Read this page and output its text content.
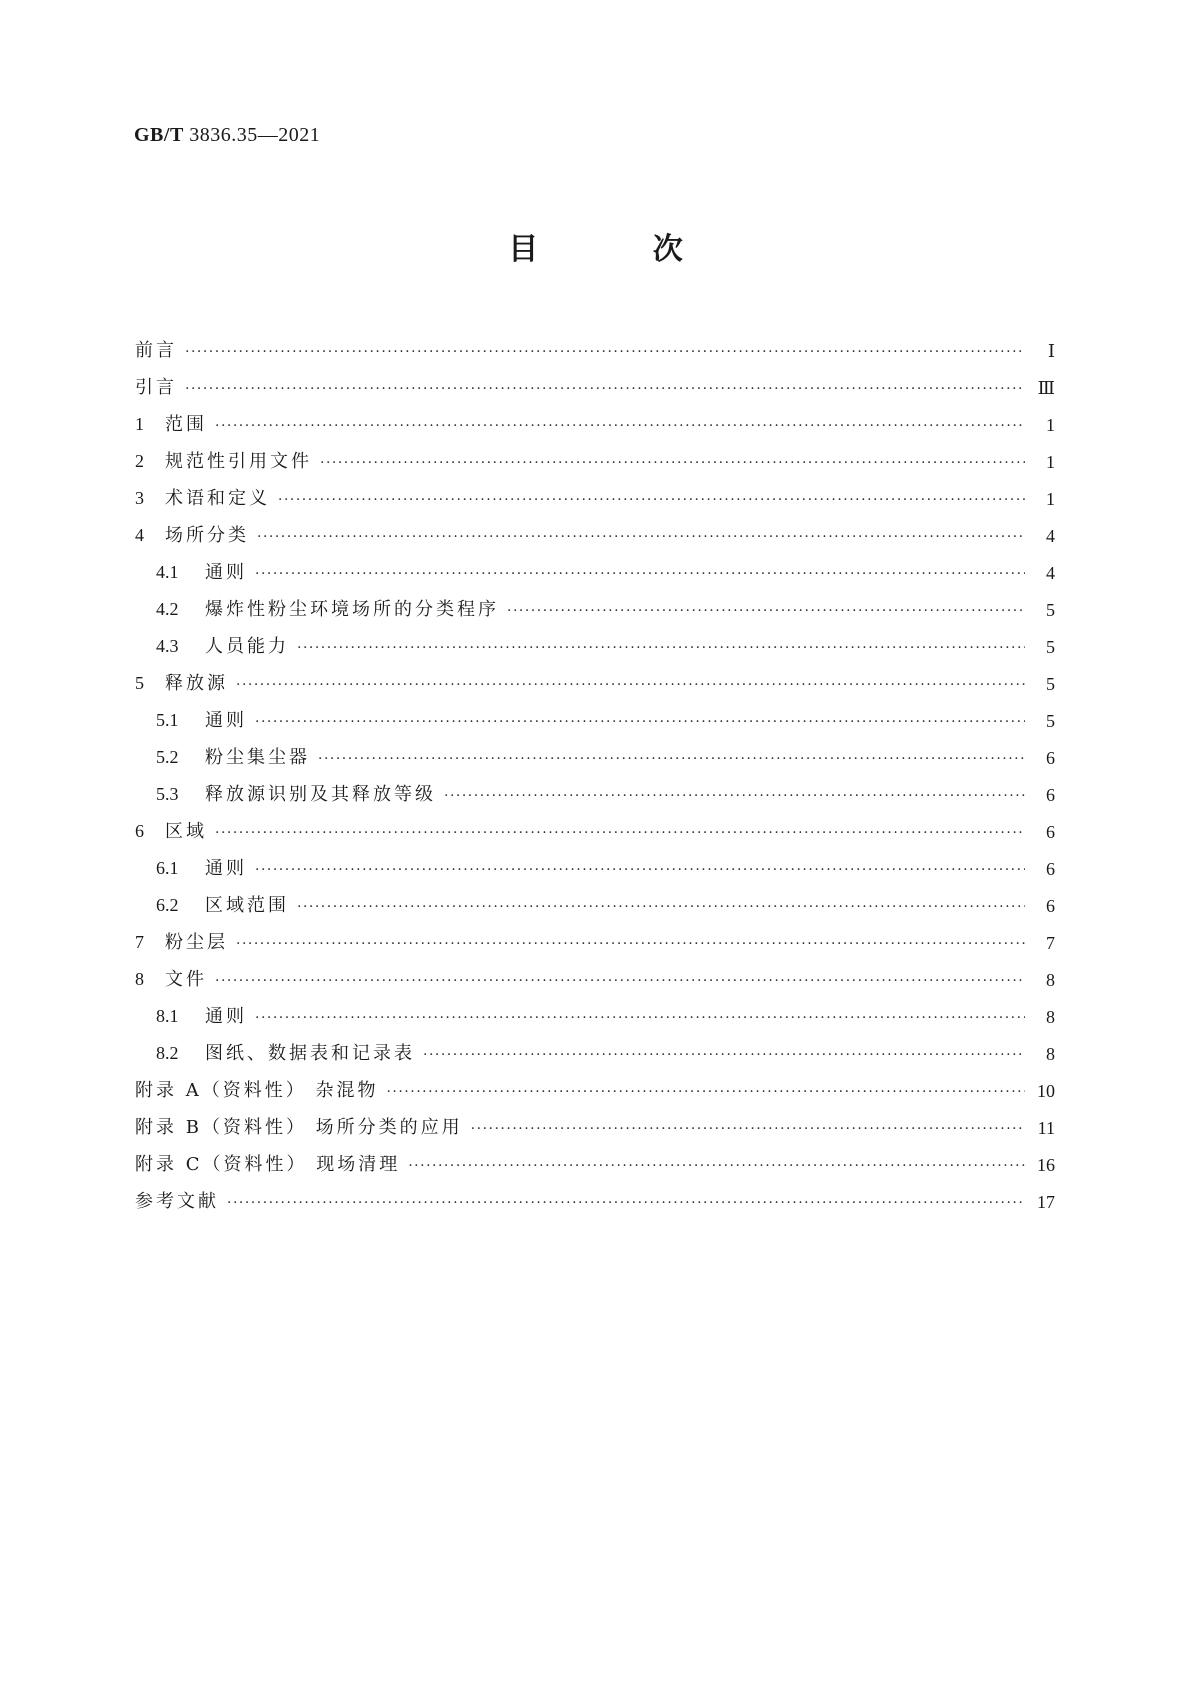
GB/T 3836.35—2021
目 次
前言 ·····	Ⅰ
引言 ·····	Ⅲ
1 范围 ·····	1
2 规范性引用文件 ·····	1
3 术语和定义 ·····	1
4 场所分类 ·····	4
4.1 通则 ·····	4
4.2 爆炸性粉尘环境场所的分类程序 ·····	5
4.3 人员能力 ·····	5
5 释放源 ·····	5
5.1 通则 ·····	5
5.2 粉尘集尘器 ·····	6
5.3 释放源识别及其释放等级 ·····	6
6 区域 ·····	6
6.1 通则 ·····	6
6.2 区域范围 ·····	6
7 粉尘层 ·····	7
8 文件 ·····	8
8.1 通则 ·····	8
8.2 图纸、数据表和记录表 ·····	8
附录 A（资料性） 杂混物 ·····	10
附录 B（资料性） 场所分类的应用 ·····	11
附录 C（资料性） 现场清理 ·····	16
参考文献 ·····	17
